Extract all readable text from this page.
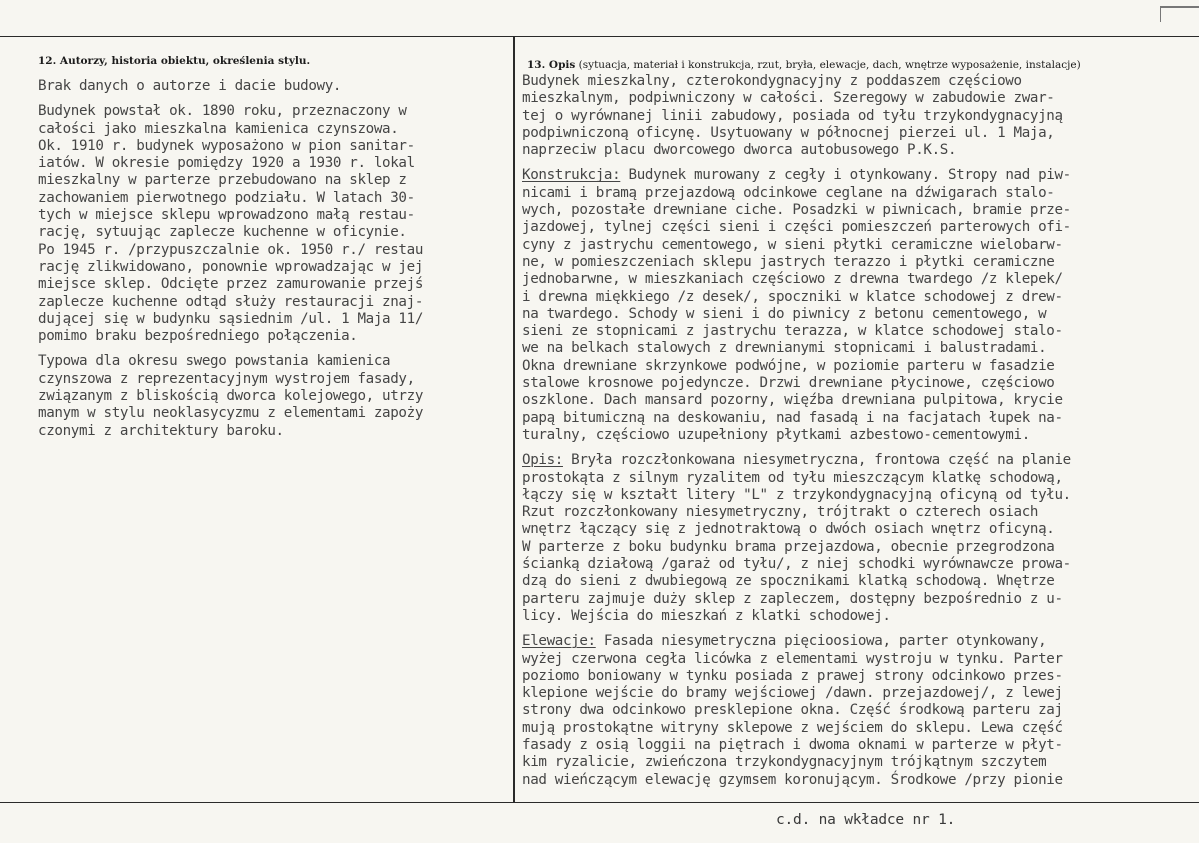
12. Autorzy, historia obiektu, określenia stylu.

Brak danych o autorze i dacie budowy.

Budynek powstał ok. 1890 roku, przeznaczony w

całości jako mieszkalna kamienica czynszowa.

Ok. 1910 r. budynek wyposażono w pion sanitar-

iatów. W okresie pomiędzy 1920 a 1930 r. lokal

mieszkalny w parterze przebudowano na sklep z

zachowaniem pierwotnego podziału. W latach 30-

tych w miejsce sklepu wprowadzono małą restau-

rację, sytuując zaplecze kuchenne w oficynie.

Po 1945 r. /przypuszczalnie ok. 1950 r./ restau

rację zlikwidowano, ponownie wprowadzając w jej

miejsce sklep. Odcięte przez zamurowanie przejś

zaplecze kuchenne odtąd służy restauracji znaj-

dującej się w budynku sąsiednim /ul. 1 Maja 11/

pomimo braku bezpośredniego połączenia.

Typowa dla okresu swego powstania kamienica

czynszowa z reprezentacyjnym wystrojem fasady,

związanym z bliskością dworca kolejowego, utrzy

manym w stylu neoklasycyzmu z elementami zapoży

czonymi z architektury baroku.

13. Opis (sytuacja, materiał i konstrukcja, rzut, bryła, elewacje, dach, wnętrze wyposażenie, instalacje)

Budynek mieszkalny, czterokondygnacyjny z poddaszem częściowo

mieszkalnym, podpiwniczony w całości. Szeregowy w zabudowie zwar-

tej o wyrównanej linii zabudowy, posiada od tyłu trzykondygnacyjną

podpiwniczoną oficynę. Usytuowany w północnej pierzei ul. 1 Maja,

naprzeciw placu dworcowego dworca autobusowego P.K.S.

Konstrukcja: Budynek murowany z cegły i otynkowany. Stropy nad piw-

nicami i bramą przejazdową odcinkowe ceglane na dźwigarach stalo-

wych, pozostałe drewniane ciche. Posadzki w piwnicach, bramie prze-

jazdowej, tylnej części sieni i części pomieszczeń parterowych ofi-

cyny z jastrychu cementowego, w sieni płytki ceramiczne wielobarw-

ne, w pomieszczeniach sklepu jastrych terazzo i płytki ceramiczne

jednobarwne, w mieszkaniach częściowo z drewna twardego /z klepek/

i drewna miękkiego /z desek/, spoczniki w klatce schodowej z drew-

na twardego. Schody w sieni i do piwnicy z betonu cementowego, w

sieni ze stopnicami z jastrychu terazza, w klatce schodowej stalo-

we na belkach stalowych z drewnianymi stopnicami i balustradami.

Okna drewniane skrzynkowe podwójne, w poziomie parteru w fasadzie

stalowe krosnowe pojedyncze. Drzwi drewniane płycinowe, częściowo

oszklone. Dach mansard pozorny, więźba drewniana pulpitowa, krycie

papą bitumiczną na deskowaniu, nad fasadą i na facjatach łupek na-

turalny, częściowo uzupełniony płytkami azbestowo-cementowymi.

Opis: Bryła rozczłonkowana niesymetryczna, frontowa część na planie

prostokąta z silnym ryzalitem od tyłu mieszczącym klatkę schodową,

łączy się w kształt litery "L" z trzykondygnacyjną oficyną od tyłu.

Rzut rozczłonkowany niesymetryczny, trójtrakt o czterech osiach

wnętrz łączący się z jednotraktową o dwóch osiach wnętrz oficyną.

W parterze z boku budynku brama przejazdowa, obecnie przegrodzona

ścianką działową /garaż od tyłu/, z niej schodki wyrównawcze prowa-

dzą do sieni z dwubiegową ze spocznikami klatką schodową. Wnętrze

parteru zajmuje duży sklep z zapleczem, dostępny bezpośrednio z u-

licy. Wejścia do mieszkań z klatki schodowej.

Elewacje: Fasada niesymetryczna pięcioosiowa, parter otynkowany,

wyżej czerwona cegła licówka z elementami wystroju w tynku. Parter

poziomo boniowany w tynku posiada z prawej strony odcinkowo przes-

klepione wejście do bramy wejściowej /dawn. przejazdowej/, z lewej

strony dwa odcinkowo presklepione okna. Część środkową parteru zaj

mują prostokątne witryny sklepowe z wejściem do sklepu. Lewa część

fasady z osią loggii na piętrach i dwoma oknami w parterze w płyt-

kim ryzalicie, zwieńczona trzykondygnacyjnym trójkątnym szczytem

nad wieńczącym elewację gzymsem koronującym. Środkowe /przy pionie

c.d. na wkładce nr 1.
